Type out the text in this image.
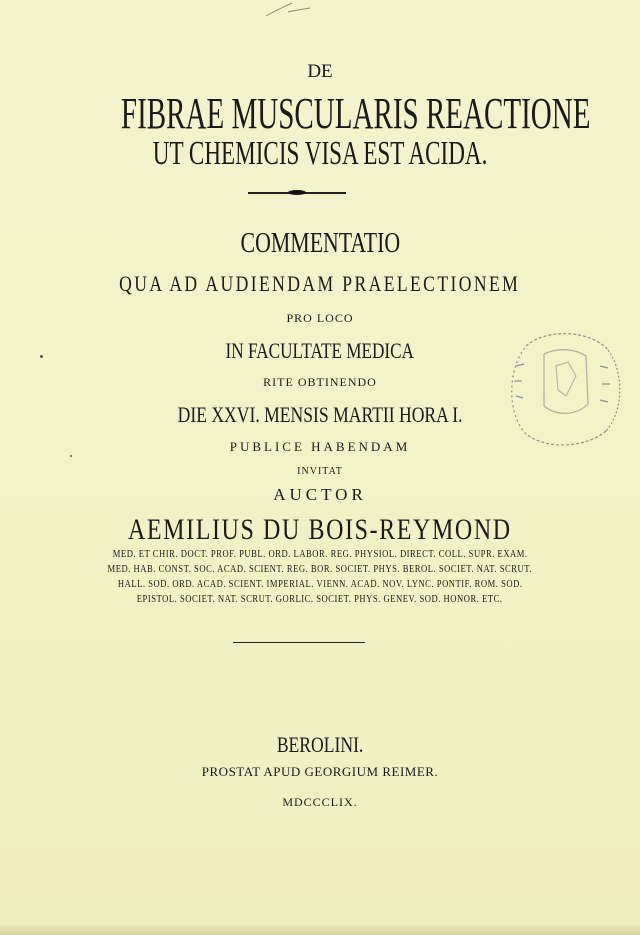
DE
FIBRAE MUSCULARIS REACTIONE
UT CHEMICIS VISA EST ACIDA.
COMMENTATIO
QUA AD AUDIENDAM PRAELECTIONEM
PRO LOCO
IN FACULTATE MEDICA
RITE OBTINENDO
DIE XXVI. MENSIS MARTII HORA I.
PUBLICE HABENDAM
INVITAT
AUCTOR
AEMILIUS DU BOIS-REYMOND
MED. ET CHIR. DOCT. PROF. PUBL. ORD. LABOR. REG. PHYSIOL. DIRECT. COLL. SUPR. EXAM.
MED. HAB. CONST. SOC. ACAD. SCIENT. REG. BOR. SOCIET. PHYS. BEROL. SOCIET. NAT. SCRUT.
HALL. SOD. ORD. ACAD. SCIENT. IMPERIAL. VIENN. ACAD. NOV. LYNC. PONTIF. ROM. SOD.
EPISTOL. SOCIET. NAT. SCRUT. GORLIC. SOCIET. PHYS. GENEV. SOD. HONOR. ETC.
BEROLINI.
PROSTAT APUD GEORGIUM REIMER.
MDCCCLIX.
